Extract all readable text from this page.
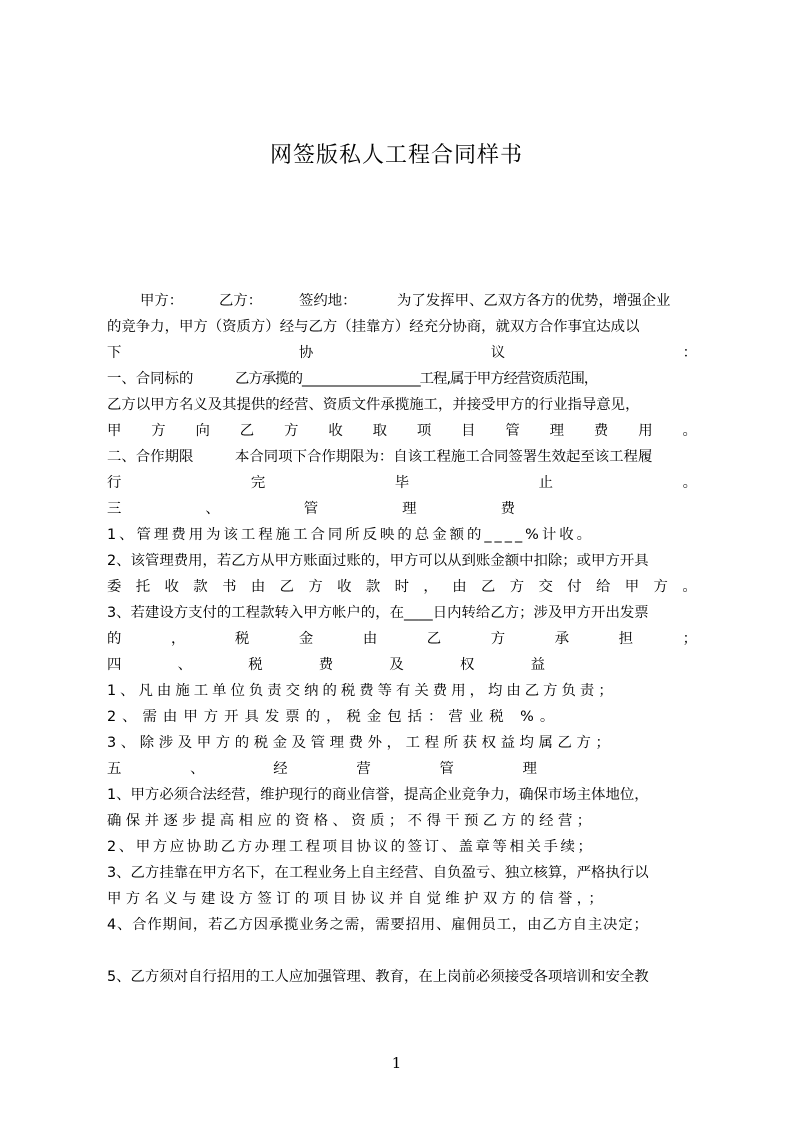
网签版私人工程合同样书
甲方： 乙方：	签约地：	为了发挥甲、乙双方各方的优势，增强企业
的竞争力，甲方（资质方）经与乙方（挂靠方）经充分协商，就双方合作事宜达成以
下	协	议	：
一、合同标的	乙方承揽的___________________工程,属于甲方经营资质范围，
乙方以甲方名义及其提供的经营、资质文件承揽施工，并接受甲方的行业指导意见，
甲 方 向 乙 方 收 取 项 目 管 理 费 用 。
二、合作期限	本合同项下合作期限为：自该工程施工合同签署生效起至该工程履
行	完	毕	止	。
三	、	管	理	费
1、管理费用为该工程施工合同所反映的总金额的____%计收。
2、该管理费用，若乙方从甲方账面过账的，甲方可以从到账金额中扣除；或甲方开具
委 托 收 款 书 由 乙 方 收 款 时 ， 由 乙 方 交 付 给 甲 方 。
3、若建设方支付的工程款转入甲方帐户的，在____日内转给乙方；涉及甲方开出发票
的	，	税	金	由	乙	方	承	担	；
四	、	税	费	及	权	益
1、凡由施工单位负责交纳的税费等有关费用，均由乙方负责；
2、需由甲方开具发票的，税金包括：营业税 %。
3、除涉及甲方的税金及管理费外，工程所获权益均属乙方；
五	、	经	营	管	理
1、甲方必须合法经营，维护现行的商业信誉，提高企业竞争力，确保市场主体地位，
确保并逐步提高相应的资格、资质；不得干预乙方的经营；
2、甲方应协助乙方办理工程项目协议的签订、盖章等相关手续；
3、乙方挂靠在甲方名下，在工程业务上自主经营、自负盈亏、独立核算，严格执行以
甲方名义与建设方签订的项目协议并自觉维护双方的信誉，；
4、合作期间，若乙方因承揽业务之需，需要招用、雇佣员工，由乙方自主决定；
5、乙方须对自行招用的工人应加强管理、教育，在上岗前必须接受各项培训和安全教
1
